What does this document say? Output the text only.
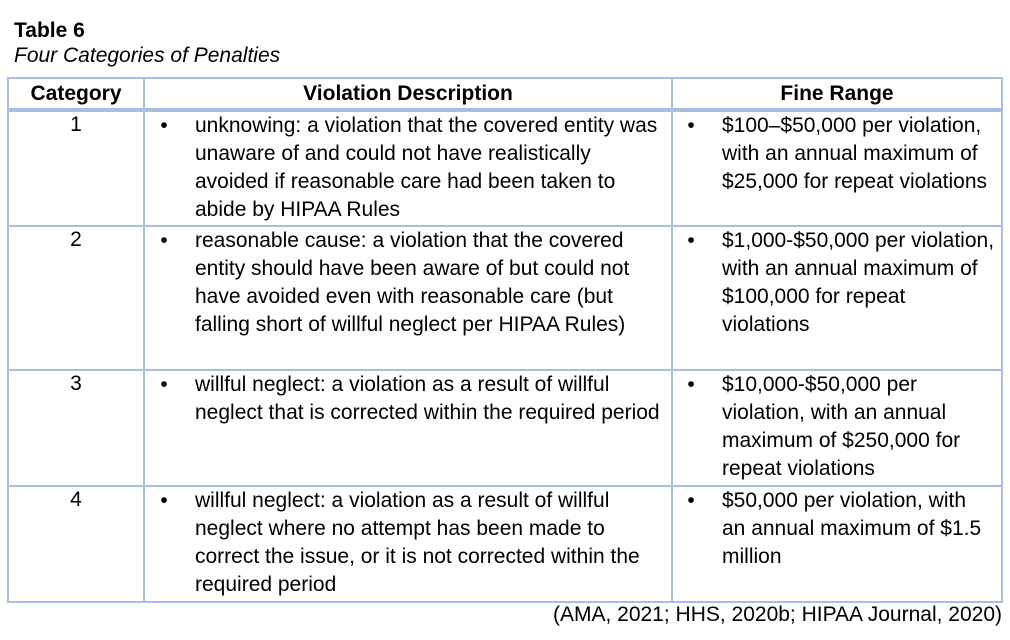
Table 6
Four Categories of Penalties
Category	Violation Description	Fine Range
1	• unknowing: a violation that the covered entity was unaware of and could not have realistically avoided if reasonable care had been taken to abide by HIPAA Rules	• $100–$50,000 per violation, with an annual maximum of $25,000 for repeat violations

2	• reasonable cause: a violation that the covered entity should have been aware of but could not have avoided even with reasonable care (but falling short of willful neglect per HIPAA Rules)	• $1,000-$50,000 per violation, with an annual maximum of $100,000 for repeat violations

3	• willful neglect: a violation as a result of willful neglect that is corrected within the required period	• $10,000-$50,000 per violation, with an annual maximum of $250,000 for repeat violations

4	• willful neglect: a violation as a result of willful neglect where no attempt has been made to correct the issue, or it is not corrected within the required period	• $50,000 per violation, with an annual maximum of $1.5 million
(AMA, 2021; HHS, 2020b; HIPAA Journal, 2020)
